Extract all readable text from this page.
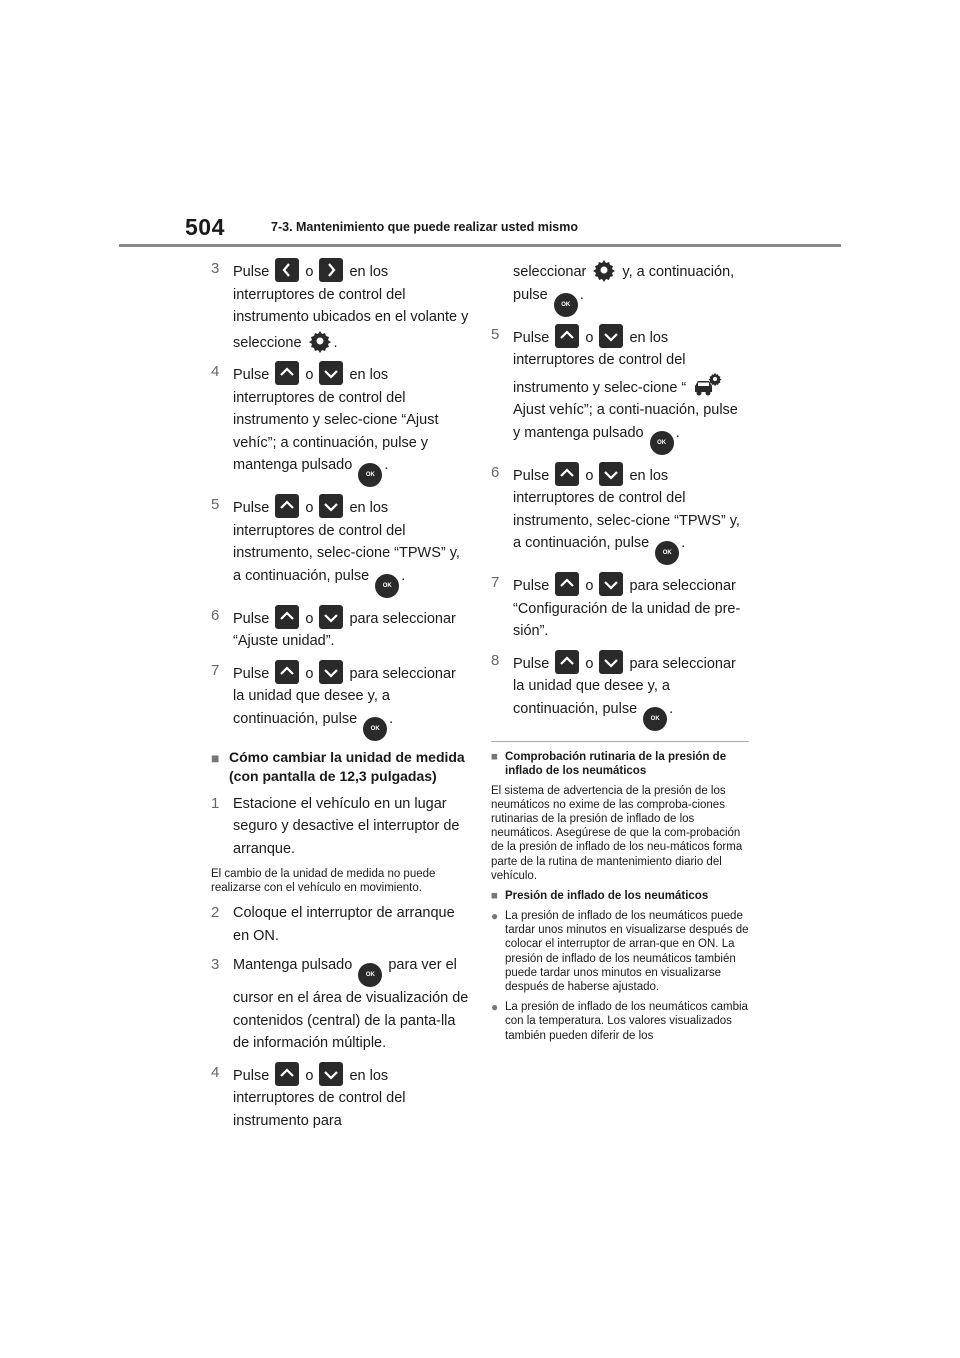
504	7-3. Mantenimiento que puede realizar usted mismo
3 Pulse
o
en los interruptores de control del instrumento ubicados en el volante y seleccione .
4 Pulse
o
en los interruptores de control del instrumento y selec-cione “Ajust vehíc”; a continuación, pulse y mantenga pulsado OK.
5 Pulse
o
en los interruptores de control del instrumento, selec-cione “TPWS” y, a continuación, pulse OK.
6 Pulse
o
para seleccionar “Ajuste unidad”.
7 Pulse
o
para seleccionar la unidad que desee y, a continuación, pulse OK.
■ Cómo cambiar la unidad de medida (con pantalla de 12,3 pulgadas)
1 Estacione el vehículo en un lugar seguro y desactive el interruptor de arranque.
El cambio de la unidad de medida no puede realizarse con el vehículo en movimiento.
2 Coloque el interruptor de arranque en ON.
3 Mantenga pulsado OK para ver el cursor en el área de visualización de contenidos (central) de la panta-lla de información múltiple.
4 Pulse
o
en los interruptores de control del instrumento para
seleccionar  y, a continuación, pulse OK.
5 Pulse
o
en los interruptores de control del instrumento y selec-cione “ Ajust vehíc”; a conti-nuación, pulse y mantenga pulsado OK.
6 Pulse
o
en los interruptores de control del instrumento, selec-cione “TPWS” y, a continuación, pulse OK.
7 Pulse
o
para seleccionar “Configuración de la unidad de pre-sión”.
8 Pulse
o
para seleccionar la unidad que desee y, a continuación, pulse OK.
■ Comprobación rutinaria de la presión de inflado de los neumáticos
El sistema de advertencia de la presión de los neumáticos no exime de las comproba-ciones rutinarias de la presión de inflado de los neumáticos. Asegúrese de que la com-probación de la presión de inflado de los neu-máticos forma parte de la rutina de mantenimiento diario del vehículo.
■ Presión de inflado de los neumáticos
● La presión de inflado de los neumáticos puede tardar unos minutos en visualizarse después de colocar el interruptor de arran-que en ON. La presión de inflado de los neumáticos también puede tardar unos minutos en visualizarse después de haberse ajustado.
● La presión de inflado de los neumáticos cambia con la temperatura. Los valores visualizados también pueden diferir de los
